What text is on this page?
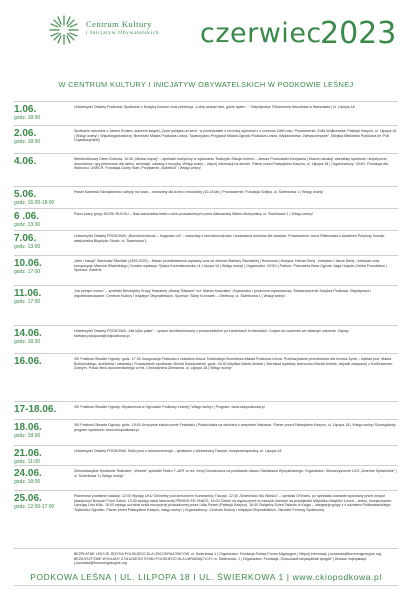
Centrum Kultury
i Inicjatyw Obywatelskich czerwiec
2023
W CENTRUM KULTURY I INICJATYW OBYWATELSKICH W PODKOWIE LEŚNEJ
1.06.
godz. 18:00
Uniwersytet Otwarty Podkowa: Spotkanie z Muzyką Koncert oraz prelekcja: „Lubię wracać tam, gdzie byłem…” Współpraca: Filharmonia Narodowa w Warszawie | ul. Lilpopa 18
2.06.
godz. 18:00
Spotkanie autorskie z Janem Królem, autorem książki „Życie polityka od zera”, w poniedziałek z rocznicą wyborów z 4 czerwca 1989 roku. Prowadzenie: Zofia Wojtkowska. Pałacyk Kasyno, ul. Lilpopa 18 | Wstęp wolny! | Współorganizatorzy: Burmistrz Miasta Podkowa Leśna, Towarzystwo Przyjaciół Miasta Ogrodu Podkowa Leśna. Wydawnictwo „Niewyczerpane”, Miejska Biblioteka Publiczna im. Poli Gojawiczyńskiej
4.06.	Wielokulturowy Dzień Dziecka. 10:30 „Misiów więcej” – spektakl muzyczny w wykonaniu Teatrzyku Stacja Uchem – Janusz Pruśnowski Kompania | Muzum atrakcji: warsztaty sportowe i artystyczne, dmuchańce i gry plenerowe dla dzieci, animacje, zabawy z muzyką. Wstęp wolny – więcej informacji na stronie. Planer przed Pałacykiem Kasyno, ul. Lilpopa 18 | Organizatorzy: CKiIO, Fundacja dla Wolności, UNHCR, Fundacja Dobry Start, Przystanek „Świetlica” | Wstęp wolny!
5.06.
godz. 16:00-18:00
Pawel Kamiński Skrzątkiewicz odbyty na nowo – warsztaty dla dzieci i młodzieży (10-16 lat) | Prowadzenie: Fundacja Sofijka. ul. Świerkowa 1 | Wstęp wolny!
6 .06.
godz. 13:30
Poloz pracy grupy KIOSK RUCHU – finał warsztatów teatru ruchu prowadzonych przez Aleksandrę Bielen-Muszyńską. ul. Świerkowa 1 | Wstęp wolny!
7.06.
godz. 13:00
Uniwersytet Otwarty PODKOWA: „Bioróżnorodność – bogactwo ról” – warsztaty z bioróżnorodności i budowania domków dla owadów. Prowadzenie: Anna Płatkowska z Akademii Przyrody Kumak, właścicielka Biophylic Studio. ul. Świerkowa 1
10.06.
godz. 17:00
„Idee i trasąż” Stanisław Śliwiński (1953-2020) – finisaż przedstawienia wystawy oraz ze zbiorów Barbary Śliwińskiej | Rozmowa | Muzyka: Hanna Derej - fortepian i Jakub Derej - fortepian oraz kompozycje Marcina Śliwińskiego | Kurator wystawy: Sylwia Krzemianowska. ul. Lilpopa 18 | Wstęp wolny! | Organizator: CKIIO | Partner: Pracownia Barw Ogrodu Jaga Hujada | Helba Foundation | Sponsor: Adverts
11.06.
godz. 17:00
„Na pełnym morzu” – spektakl Niezwykłej Grupy Teatralnej „Miasty Śliwiane” reż. Marcin Mauclaire. Organizator i producent wykonawczy: Stowarzyszenie Zwiększ Podkowa. Współpraca i współfinansowanie: Centrum Kultury i Inicjatyw Obywatelskich. Sponsor: Skiep Kuroszek – Otrebusy. ul. Świerkowa 1 | Wstęp wolny!
14.06.
godz. 18:30
Uniwersytet Otwarty PODKOWA: „Nie tylko pałac” – spacer architektoniczny z przewodnikiem po Łazienkach Królewskich. Dojazd do Łazienek we własnym zakresie. Zapisy: barbara.pokojowa@ckiipodkowa.pl
16.06.	XIII Festiwal Otwarte Ogrody: godz. 17:30 Inauguracja Festiwalu z udziałem Artura Tusińskiego Burmistrza Miasta Podkowa Leśna. Przekazywanie przedmiotów dla Invests Życie – wykład prof. Marka Budzyńskiego, architekta i urbanisty | Prowadzenie spotkania: Michał Dziadowiecki. godz. 18:30 Artystka Marek Ambek | Wernisaż wystawy twórczości Moniki Ambek, artystki związanej z Kurfürstenem Dobrym. Pokaz filmu dokumentalnego w reż. Christophera Ziemanna. ul. Lilpopa 18 | Wstęp wolny!
17-18.06.	XIII Festiwal Otwarte Ogrody: Wydarzenia w Ogrodach Podkowy Leśnej | Wstęp wolny! | Program: www.ckiopodkowa.pl
18.06.
godz. 18:00
XIII Festiwal Otwarte Ogrody: godz. 19:00 Uroczyste zakończenie Festiwalu | Potańcówka na dechach z zespołem Niepanie. Planer przed Pałacykiem Kasyno, ul. Lilpopa 18 | Wstęp wolny! Szczegółowy program wydarzeń: www.ckiopodkowa.pl
21.06.
godz. 11:00
Uniwersytet Otwarty PODKOWA: Skibi pora o mózzcie/energii – spotkanie z Aleksandrą Tlaczyk; muzykoterapeutką. ul. Lilpopa 18
24.06.
godz. 18:00
Zielonoświątkie Spotkanie Teatralne: „Wesele” spektakl Teatru T–ART w reż. Ireny Dornarowicz na podstawie utworu Stanisława Wyspiańskiego. Organizator: Stowarzyszenie LGO „Dziemie Spisiedzkie” | ul. Świerkowa 1 | Wstęp wolny!
25.06.
godz. 12:00-17:00
Planerowe powitanie wakacji: 12:00 Występ UKU Onlineltry pod kierunkiem Konstantiny Tlaczyk. 12:30 „Śmietnisko Stu Włosku” – spektakl OfTeatru. po spektaklu warsztat wykonany przez zespół plastyczny! Nowych Form Sztuki. 13:30 występ szkół tanecznej PRIMUS EN TANGS. 14:00 Zielnie na wypoczynek w naszych domach na przykładzie Majsthinu Mayblin/ Lunch – sceny, muzykowanie: Uprząsy Lesi Kido. 15:00 występ uczniów szkół muzycznej prowadzonej przez Lidię Rezek (Pałacyk Kasyno). 16:00 Świątecy Dzień Tańców w Kręgu – integracja grupy z z udziałem Podkowiańskiego Trębinistu Ogródku. Planer przed Pałacykiem Kasyno, wstęp wolny! | Organizatorzy: Centrum Kultury i Inicjatyw Obywatelskich, Ośrodek Pomocy Społecznej
BEZPŁATNE LEKCJE JĘZYKA POLSKIEGO DLA OBCOKRAJOWCÓW. ul. Świerkowa 1 | Organizator: Fundacja Polska Forum Migracyjne | Więcej informacji: j.rozanska@forummigracyjne.org. BEZKOSZTOWE WYKŁADY Z DŁUGIEGO RYMU POLSKIEGO DLA UKRAINĄCYCH: m. Świerkowa, 1 | Organizator: Fundacja „Польський міграційний форум” | Більше інформації: j.rozanska@forummigracyjne.org
PODKOWA LEŚNA | UL. LILPOPA 18 I UL. ŚWIERKOWA 1 | www.ckiopodkowa.pl
